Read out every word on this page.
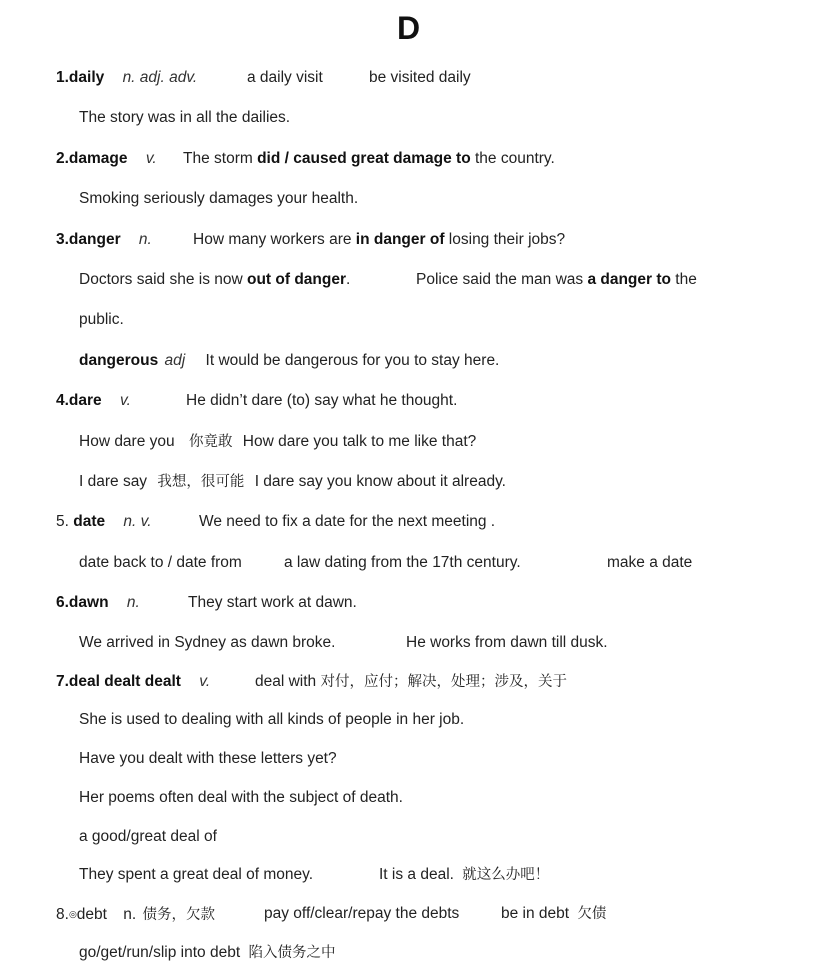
D
1.daily n. adj. adv.	a daily visit	be visited daily
The story was in all the dailies.
2.damage v. The storm did / caused great damage to the country.
Smoking seriously damages your health.
3.danger n.	How many workers are in danger of losing their jobs?
Doctors said she is now out of danger.	Police said the man was a danger to the
public.
dangerous adj It would be dangerous for you to stay here.
4.dare v.	He didn’t dare (to) say what he thought.
How dare you 你竟敢 How dare you talk to me like that?
I dare say 我想，很可能 I dare say you know about it already.
5. date n. v.	We need to fix a date for the next meeting .
date back to / date from	a law dating from the 17th century.	make a date
6.dawn n.	They start work at dawn.
We arrived in Sydney as dawn broke.	He works from dawn till dusk.
7.deal dealt dealt v.	deal with 对付，应付；解决，处理；涉及，关于
She is used to dealing with all kinds of people in her job.
Have you dealt with these letters yet?
Her poems often deal with the subject of death.
a good/great deal of
They spent a great deal of money.	It is a deal. 就这么办吧！
8.◎debt n. 债务，欠款	pay off/clear/repay the debts	be in debt 欠债
go/get/run/slip into debt 陷入债务之中
